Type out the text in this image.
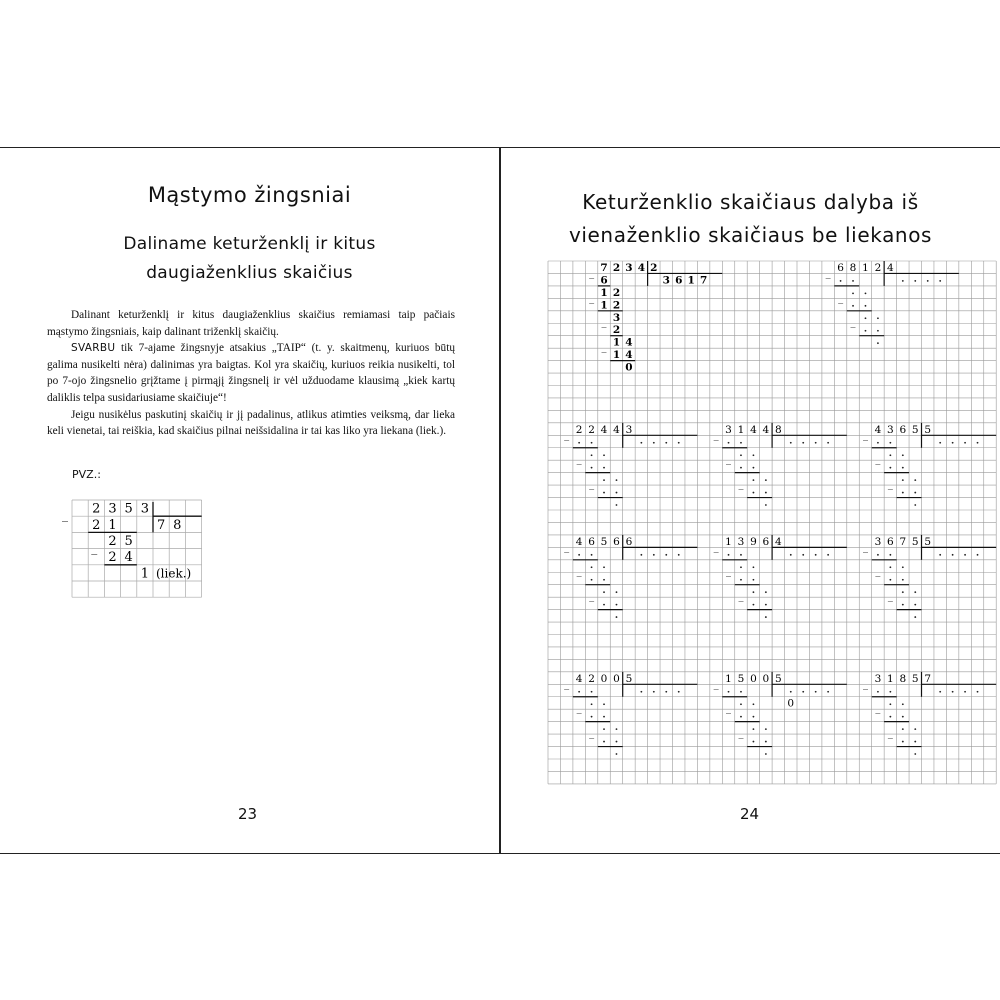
Mąstymo žingsniai
Daliname keturženklį ir kitus
daugiaženklius skaičius

Dalinant keturženklį ir kitus daugiaženklius skaičius remiamasi taip pačiais mąstymo žingsniais, kaip dalinant triženklį skaičių.

SVARBU tik 7-ajame žingsnyje atsakius „TAIP“ (t. y. skaitmenų, kuriuos būtų galima nusikelti nėra) dalinimas yra baigtas. Kol yra skaičių, kuriuos reikia nusikelti, tol po 7-ojo žingsnelio grįžtame į pirmąjį žingsnelį ir vėl užduodame klausimą „kiek kartų daliklis telpa susidariusiame skaičiuje“!

Jeigu nusikėlus paskutinį skaičių ir jį padalinus, atlikus atimties veiksmą, dar lieka keli vienetai, tai reiškia, kad skaičius pilnai neišsidalina ir tai kas liko yra liekana (liek.).

PVZ.:
2 3 5 3
2 1	7 8
2 5
2 4
1 (liek.)
_
_
23
Keturženklio skaičiaus dalyba iš
vienaženklio skaičiaus be liekanos
7 2 3 4 2
3 6 1 7
6
1 2
1 2
3
2
1 4
1 4
0
_
_
_
_
6 8 1 2 4
_
_
_
2 2 4 4 3
_
_
_
3 1 4 4 8
_
_
_
4 3 6 5 5
_
_
_
4 6 5 6 6
_
_
_
1 3 9 6 4
_
_
_
3 6 7 5 5
_
_
_
4 2 0 0 5
_
_
_
1 5 0 0 5
_
_
_
0
3 1 8 5 7
_
_
_
24
